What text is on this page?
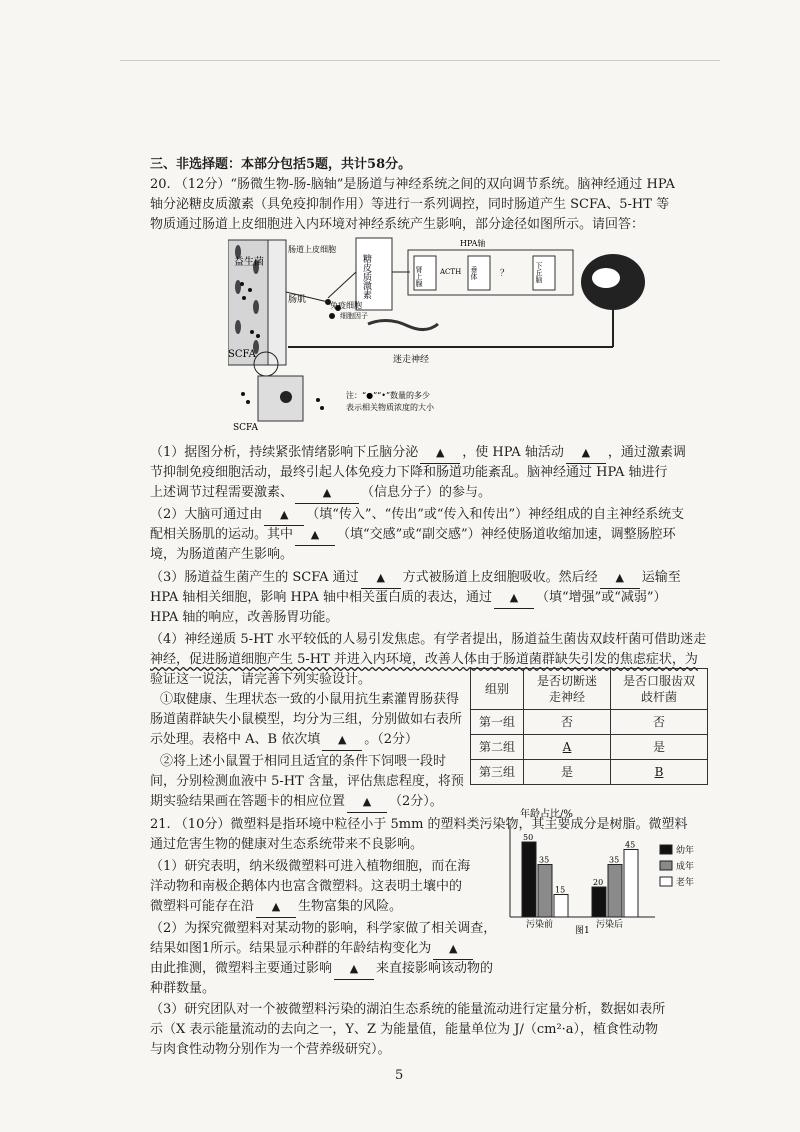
三、非选择题：本部分包括5题，共计58分。
20. （12分）“肠微生物-肠-脑轴”是肠道与神经系统之间的双向调节系统。脑神经通过 HPA
轴分泌糖皮质激素（具免疫抑制作用）等进行一系列调控，同时肠道产生 SCFA、5-HT 等
物质通过肠道上皮细胞进入内环境对神经系统产生影响，部分途径如图所示。请回答：
益生菌
肠道上皮细胞
肠肌
SCFA
糖皮质激素
HPA轴
肾上腺 ACTH 垂体 ？	下丘脑
免疫细胞
细胞因子
迷走神经
SCFA
注：“●”“•”数量的多少
表示相关物质浓度的大小
（1）据图分析，持续紧张情绪影响下丘脑分泌 ▲ ，使 HPA 轴活动 ▲ ，通过激素调
节抑制免疫细胞活动，最终引起人体免疫力下降和肠道功能紊乱。脑神经通过 HPA 轴进行
上述调节过程需要激素、	▲ （信息分子）的参与。
（2）大脑可通过由 ▲ （填“传入”、“传出”或“传入和传出”）神经组成的自主神经系统支
配相关肠肌的运动。其中 ▲ （填“交感”或“副交感”）神经使肠道收缩加速，调整肠腔环
境，为肠道菌产生影响。
（3）肠道益生菌产生的 SCFA 通过 ▲ 方式被肠道上皮细胞吸收。然后经 ▲ 运输至
HPA 轴相关细胞，影响 HPA 轴中相关蛋白质的表达，通过 ▲ （填“增强”或“减弱”）
HPA 轴的响应，改善肠胃功能。
（4）神经递质 5-HT 水平较低的人易引发焦虑。有学者提出，肠道益生菌齿双歧杆菌可借助迷走
神经，促进肠道细胞产生 5-HT 并进入内环境，改善人体由于肠道菌群缺失引发的焦虑症状，为
验证这一说法，请完善下列实验设计。
①取健康、生理状态一致的小鼠用抗生素灌胃肠获得
肠道菌群缺失小鼠模型，均分为三组，分别做如右表所
示处理。表格中 A、B 依次填 ▲ 。（2分）
②将上述小鼠置于相同且适宜的条件下饲喂一段时
间，分别检测血液中 5-HT 含量，评估焦虑程度，将预
期实验结果画在答题卡的相应位置 ▲ （2分）。
组别	是否切断迷走神经	是否口服齿双歧杆菌
第一组	否	否
第二组	A	是
第三组	是	B
21. （10分）微塑料是指环境中粒径小于 5mm 的塑料类污染物，其主要成分是树脂。微塑料
通过危害生物的健康对生态系统带来不良影响。
（1）研究表明，纳米级微塑料可进入植物细胞，而在海
洋动物和南极企鹅体内也富含微塑料。这表明土壤中的
微塑料可能存在沿 ▲ 生物富集的风险。
（2）为探究微塑料对某动物的影响，科学家做了相关调查，
结果如图1所示。结果显示种群的年龄结构变化为 ▲
由此推测，微塑料主要通过影响 ▲ 来直接影响该动物的
种群数量。
年龄占比/%
50
35
15
污染前
20
35
45
污染后
图1
幼年
成年
老年
5
（3）研究团队对一个被微塑料污染的湖泊生态系统的能量流动进行定量分析，数据如表所
示（X 表示能量流动的去向之一，Y、Z 为能量值，能量单位为 J/（cm²·a），植食性动物
与肉食性动物分别作为一个营养级研究）。
